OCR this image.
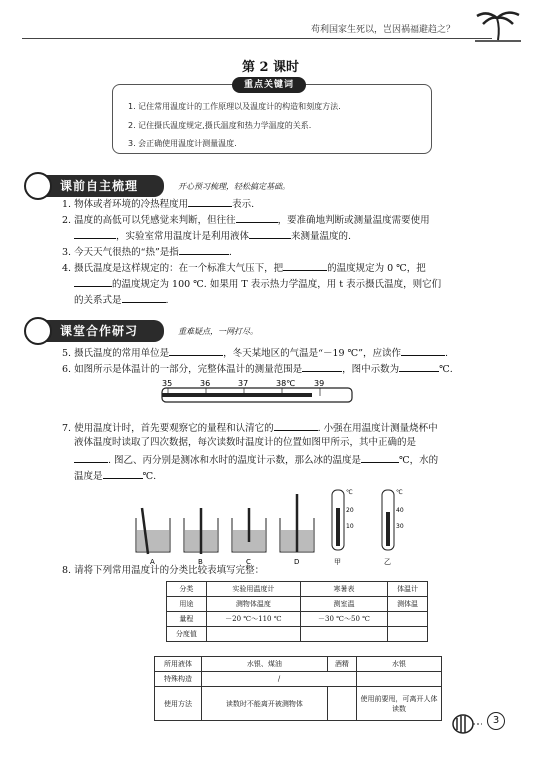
苟利国家生死以，岂因祸福避趋之？
第 2 课时
重点关键词
1. 记住常用温度计的工作原理以及温度计的构造和刻度方法.
2. 记住摄氏温度规定,摄氏温度和热力学温度的关系.
3. 会正确使用温度计测量温度.
课前自主梳理	开心预习梳理，轻松搞定基础。
1. 物体或者环境的冷热程度用	表示.
2. 温度的高低可以凭感觉来判断，但往往	，要准确地判断或测量温度需要使用
，实验室常用温度计是利用液体	来测量温度的.
3. 今天天气很热的“热”是指	.
4. 摄氏温度是这样规定的：在一个标准大气压下，把	的温度规定为 0 ℃，把
的温度规定为 100 ℃. 如果用 T 表示热力学温度，用 t 表示摄氏温度，则它们
的关系式是	.
课堂合作研习	重难疑点，一网打尽。
5. 摄氏温度的常用单位是	，冬天某地区的气温是“－19 ℃”，应读作	.
6. 如图所示是体温计的一部分，完整体温计的测量范围是	，图中示数为	℃.
35	36	37	38℃ 39
7. 使用温度计时，首先要观察它的量程和认清它的	. 小强在用温度计测量烧杯中
液体温度时读取了四次数据，每次读数时温度计的位置如图甲所示，其中正确的是
. 图乙、丙分别是测冰和水时的温度计示数，那么冰的温度是	℃，水的
温度是	℃.
℃
20
10
℃
40
30
A	B	C	D	甲	乙
8. 请将下列常用温度计的分类比较表填写完整：
分类	实验用温度计	寒暑表	体温计
用途	测物体温度	测室温	测体温
量程	－20 ℃～110 ℃	－30 ℃～50 ℃	
分度值			
所用液体	水银、煤油	酒精	水银
特殊构造	/		
使用方法	读数时不能离开被测物体		使用前要甩，可离开人体读数
3
